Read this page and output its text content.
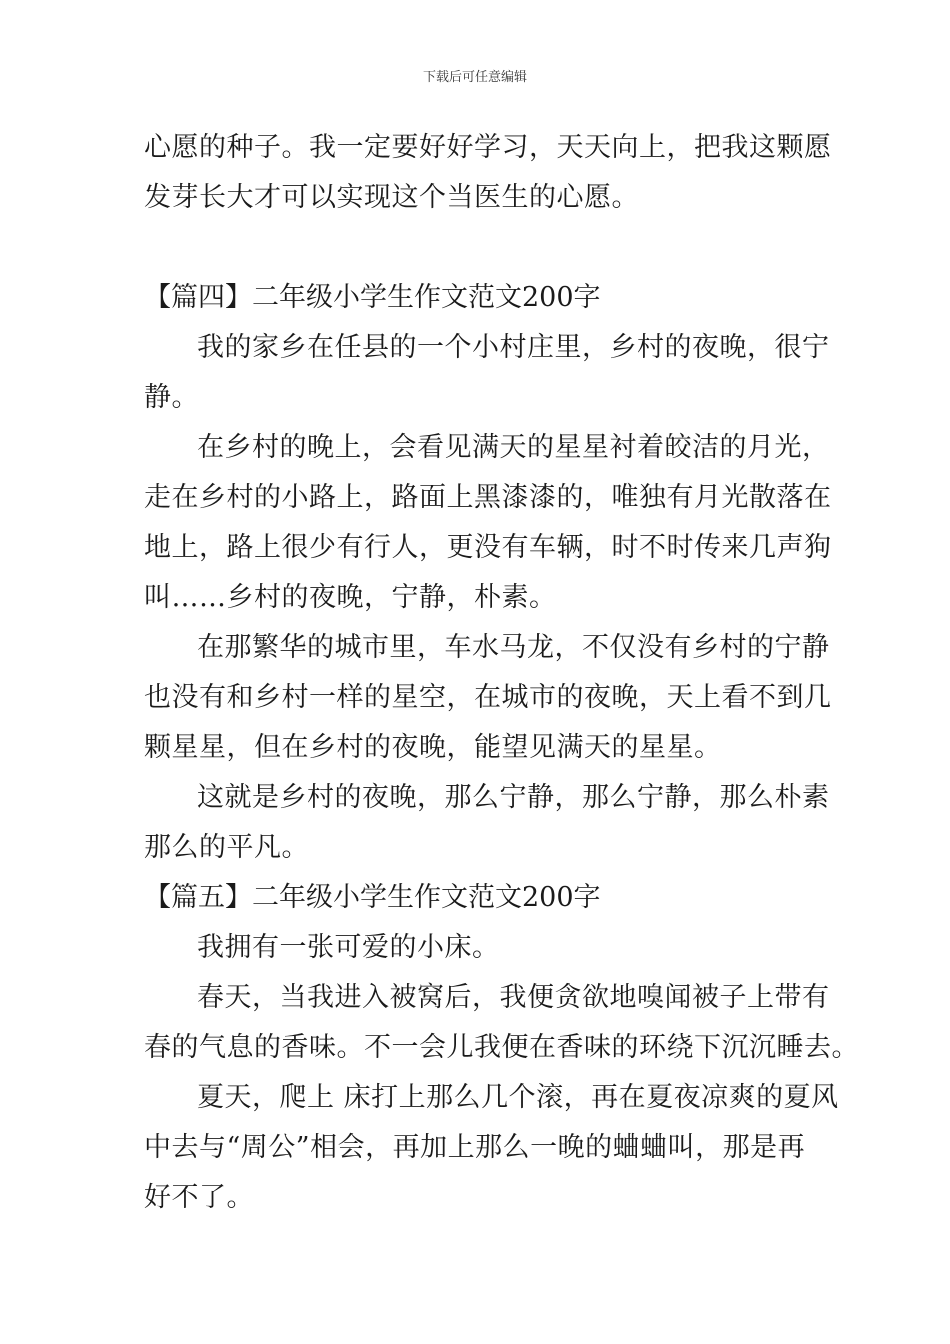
下载后可任意编辑

心愿的种子。我一定要好好学习，天天向上，把我这颗愿

发芽长大才可以实现这个当医生的心愿。

【篇四】二年级小学生作文范文200字

我的家乡在任县的一个小村庄里，乡村的夜晚，很宁

静。

在乡村的晚上，会看见满天的星星衬着皎洁的月光，

走在乡村的小路上，路面上黑漆漆的，唯独有月光散落在

地上，路上很少有行人，更没有车辆，时不时传来几声狗

叫……乡村的夜晚，宁静，朴素。

在那繁华的城市里，车水马龙，不仅没有乡村的宁静

也没有和乡村一样的星空，在城市的夜晚，天上看不到几

颗星星，但在乡村的夜晚，能望见满天的星星。

这就是乡村的夜晚，那么宁静，那么宁静，那么朴素

那么的平凡。

【篇五】二年级小学生作文范文200字

我拥有一张可爱的小床。

春天，当我进入被窝后，我便贪欲地嗅闻被子上带有

春的气息的香味。不一会儿我便在香味的环绕下沉沉睡去。

夏天，爬上 床打上那么几个滚，再在夏夜凉爽的夏风

中去与“周公”相会，再加上那么一晚的蛐蛐叫，那是再

好不了。
